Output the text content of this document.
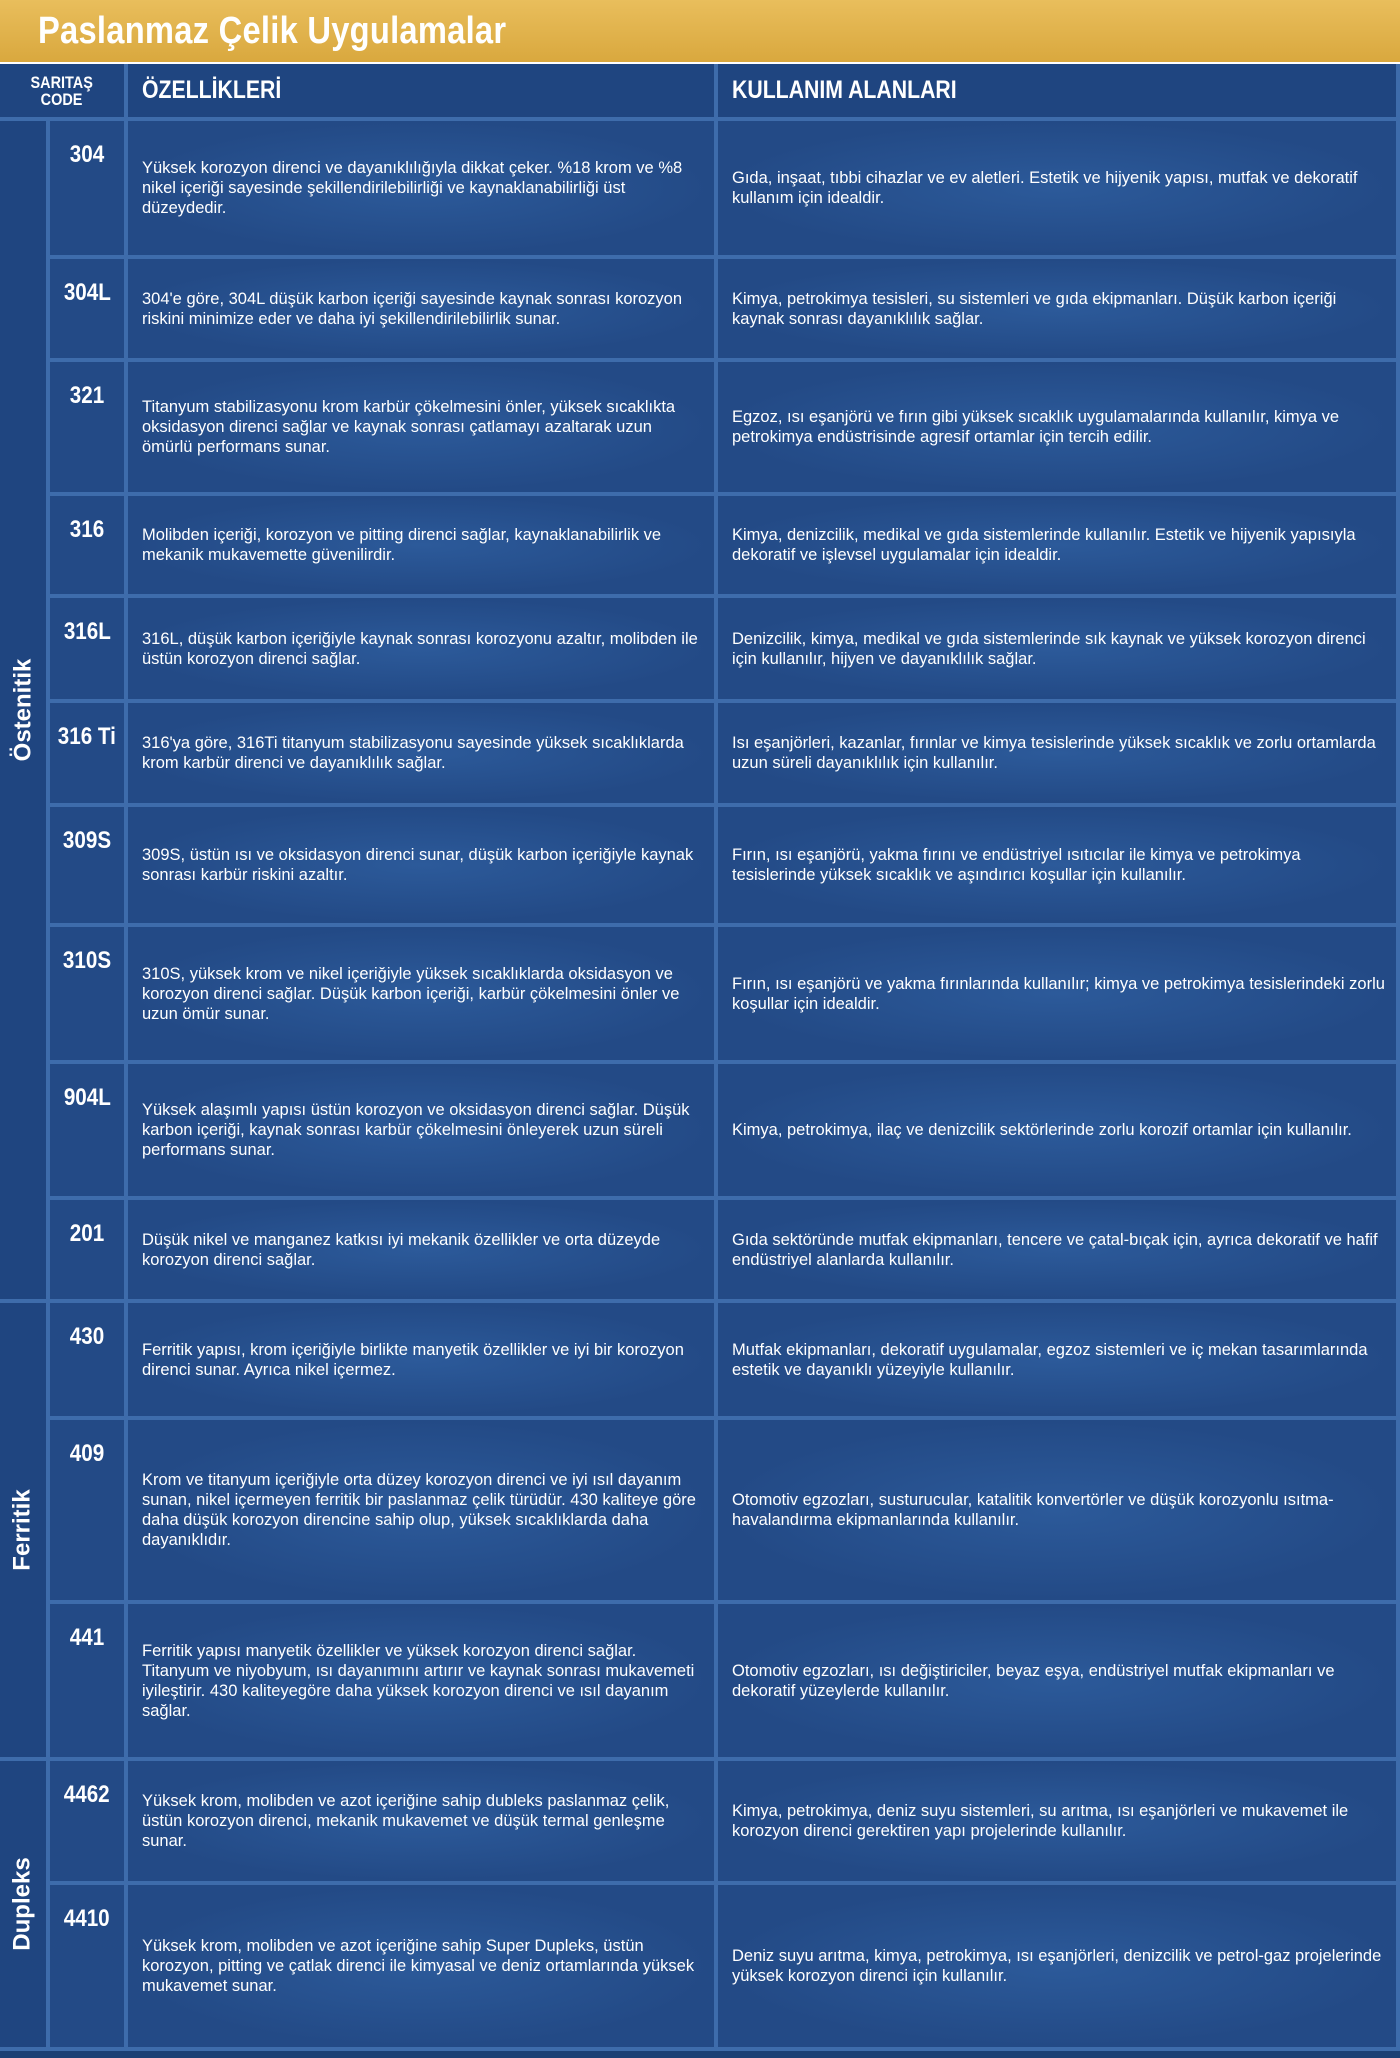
Paslanmaz Çelik Uygulamalar
SARITAŞ
CODE ÖZELLİKLERİ	KULLANIM ALANLARI
Östenitik
Ferritik
Dupleks
304 Yüksek korozyon direnci ve dayanıklılığıyla dikkat çeker. %18 krom ve %8 nikel içeriği sayesinde şekillendirilebilirliği ve kaynaklanabilirliği üst düzeydedir.
Gıda, inşaat, tıbbi cihazlar ve ev aletleri. Estetik ve hijyenik yapısı, mutfak ve dekoratif kullanım için idealdir.
304L 304'e göre, 304L düşük karbon içeriği sayesinde kaynak sonrası korozyon riskini minimize eder ve daha iyi şekillendirilebilirlik sunar.
Kimya, petrokimya tesisleri, su sistemleri ve gıda ekipmanları. Düşük karbon içeriği kaynak sonrası dayanıklılık sağlar.
321 Titanyum stabilizasyonu krom karbür çökelmesini önler, yüksek sıcaklıkta oksidasyon direnci sağlar ve kaynak sonrası çatlamayı azaltarak uzun ömürlü performans sunar.
Egzoz, ısı eşanjörü ve fırın gibi yüksek sıcaklık uygulamalarında kullanılır, kimya ve petrokimya endüstrisinde agresif ortamlar için tercih edilir.
316 Molibden içeriği, korozyon ve pitting direnci sağlar, kaynaklanabilirlik ve mekanik mukavemette güvenilirdir.
Kimya, denizcilik, medikal ve gıda sistemlerinde kullanılır. Estetik ve hijyenik yapısıyla dekoratif ve işlevsel uygulamalar için idealdir.
316L 316L, düşük karbon içeriğiyle kaynak sonrası korozyonu azaltır, molibden ile üstün korozyon direnci sağlar.
Denizcilik, kimya, medikal ve gıda sistemlerinde sık kaynak ve yüksek korozyon direnci için kullanılır, hijyen ve dayanıklılık sağlar.
316 Ti 316'ya göre, 316Ti titanyum stabilizasyonu sayesinde yüksek sıcaklıklarda krom karbür direnci ve dayanıklılık sağlar.
Isı eşanjörleri, kazanlar, fırınlar ve kimya tesislerinde yüksek sıcaklık ve zorlu ortamlarda uzun süreli dayanıklılık için kullanılır.
309S
309S, üstün ısı ve oksidasyon direnci sunar, düşük karbon içeriğiyle kaynak sonrası karbür riskini azaltır.
Fırın, ısı eşanjörü, yakma fırını ve endüstriyel ısıtıcılar ile kimya ve petrokimya tesislerinde yüksek sıcaklık ve aşındırıcı koşullar için kullanılır.
310S 310S, yüksek krom ve nikel içeriğiyle yüksek sıcaklıklarda oksidasyon ve korozyon direnci sağlar. Düşük karbon içeriği, karbür çökelmesini önler ve uzun ömür sunar.
Fırın, ısı eşanjörü ve yakma fırınlarında kullanılır; kimya ve petrokimya tesislerindeki zorlu koşullar için idealdir.
904L Yüksek alaşımlı yapısı üstün korozyon ve oksidasyon direnci sağlar. Düşük karbon içeriği, kaynak sonrası karbür çökelmesini önleyerek uzun süreli performans sunar.
Kimya, petrokimya, ilaç ve denizcilik sektörlerinde zorlu korozif ortamlar için kullanılır.
201 Düşük nikel ve manganez katkısı iyi mekanik özellikler ve orta düzeyde korozyon direnci sağlar.
Gıda sektöründe mutfak ekipmanları, tencere ve çatal-bıçak için, ayrıca dekoratif ve hafif endüstriyel alanlarda kullanılır.
430 Ferritik yapısı, krom içeriğiyle birlikte manyetik özellikler ve iyi bir korozyon direnci sunar. Ayrıca nikel içermez.
Mutfak ekipmanları, dekoratif uygulamalar, egzoz sistemleri ve iç mekan tasarımlarında estetik ve dayanıklı yüzeyiyle kullanılır.
409
Krom ve titanyum içeriğiyle orta düzey korozyon direnci ve iyi ısıl dayanım sunan, nikel içermeyen ferritik bir paslanmaz çelik türüdür. 430 kaliteye göre daha düşük korozyon direncine sahip olup, yüksek sıcaklıklarda daha dayanıklıdır.
Otomotiv egzozları, susturucular, katalitik konvertörler ve düşük korozyonlu ısıtma-havalandırma ekipmanlarında kullanılır.
441 Ferritik yapısı manyetik özellikler ve yüksek korozyon direnci sağlar. Titanyum ve niyobyum, ısı dayanımını artırır ve kaynak sonrası mukavemeti iyileştirir. 430 kaliteyegöre daha yüksek korozyon direnci ve ısıl dayanım sağlar.
Otomotiv egzozları, ısı değiştiriciler, beyaz eşya, endüstriyel mutfak ekipmanları ve dekoratif yüzeylerde kullanılır.
4462 Yüksek krom, molibden ve azot içeriğine sahip dubleks paslanmaz çelik, üstün korozyon direnci, mekanik mukavemet ve düşük termal genleşme sunar.
Kimya, petrokimya, deniz suyu sistemleri, su arıtma, ısı eşanjörleri ve mukavemet ile korozyon direnci gerektiren yapı projelerinde kullanılır.
4410
Yüksek krom, molibden ve azot içeriğine sahip Super Dupleks, üstün korozyon, pitting ve çatlak direnci ile kimyasal ve deniz ortamlarında yüksek mukavemet sunar.
Deniz suyu arıtma, kimya, petrokimya, ısı eşanjörleri, denizcilik ve petrol-gaz projelerinde yüksek korozyon direnci için kullanılır.
